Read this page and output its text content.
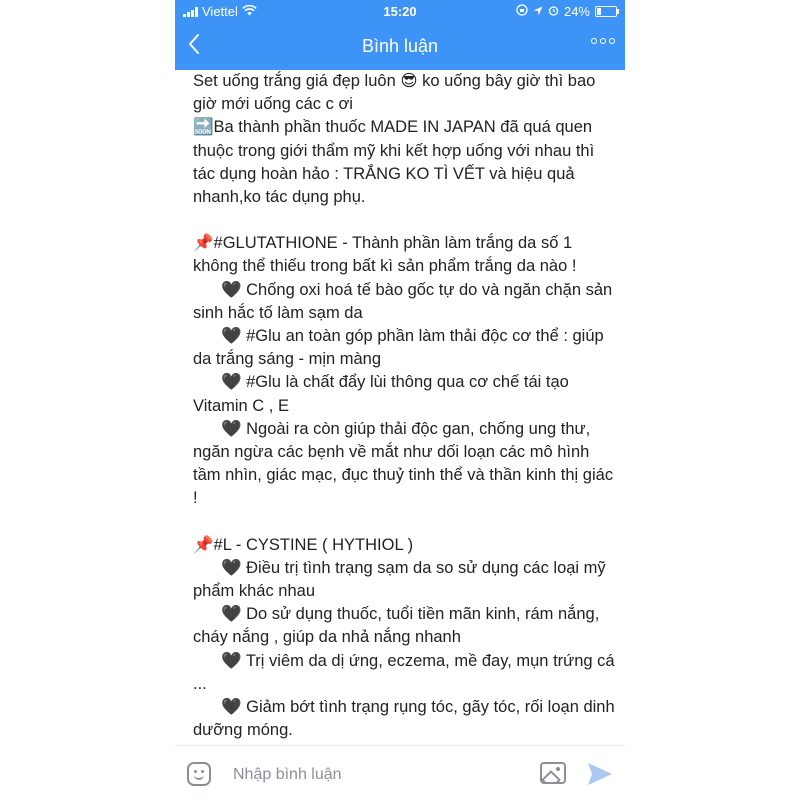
Viettel	15:20	24%
Bình luận

Set uống trắng giá đẹp luôn 😎 ko uống bây giờ thì bao giờ mới uống các c ơi

🔜Ba thành phần thuốc MADE IN JAPAN đã quá quen thuộc trong giới thẩm mỹ khi kết hợp uống với nhau thì tác dụng hoàn hảo : TRẮNG KO TÌ VẾT và hiệu quả nhanh,ko tác dụng phụ.

📌#GLUTATHIONE - Thành phần làm trắng da số 1 không thể thiếu trong bất kì sản phẩm trắng da nào !

🖤 Chống oxi hoá tế bào gốc tự do và ngăn chặn sản sinh hắc tố làm sạm da

🖤 #Glu an toàn góp phần làm thải độc cơ thể : giúp da trắng sáng - mịn màng

🖤 #Glu là chất đẩy lùi thông qua cơ chế tái tạo Vitamin C , E

🖤 Ngoài ra còn giúp thải độc gan, chống ung thư, ngăn ngừa các bẹnh về mắt như dối loạn các mô hình tầm nhìn, giác mạc, đục thuỷ tinh thể và thần kinh thị giác !

📌#L - CYSTINE ( HYTHIOL )

🖤 Điều trị tình trạng sạm da so sử dụng các loại mỹ phẩm khác nhau

🖤 Do sử dụng thuốc, tuổi tiền mãn kinh, rám nắng, cháy nắng , giúp da nhả nắng nhanh

🖤 Trị viêm da dị ứng, eczema, mề đay, mụn trứng cá ...

🖤 Giảm bớt tình trạng rụng tóc, gãy tóc, rối loạn dinh dưỡng móng.

Nhập bình luận
